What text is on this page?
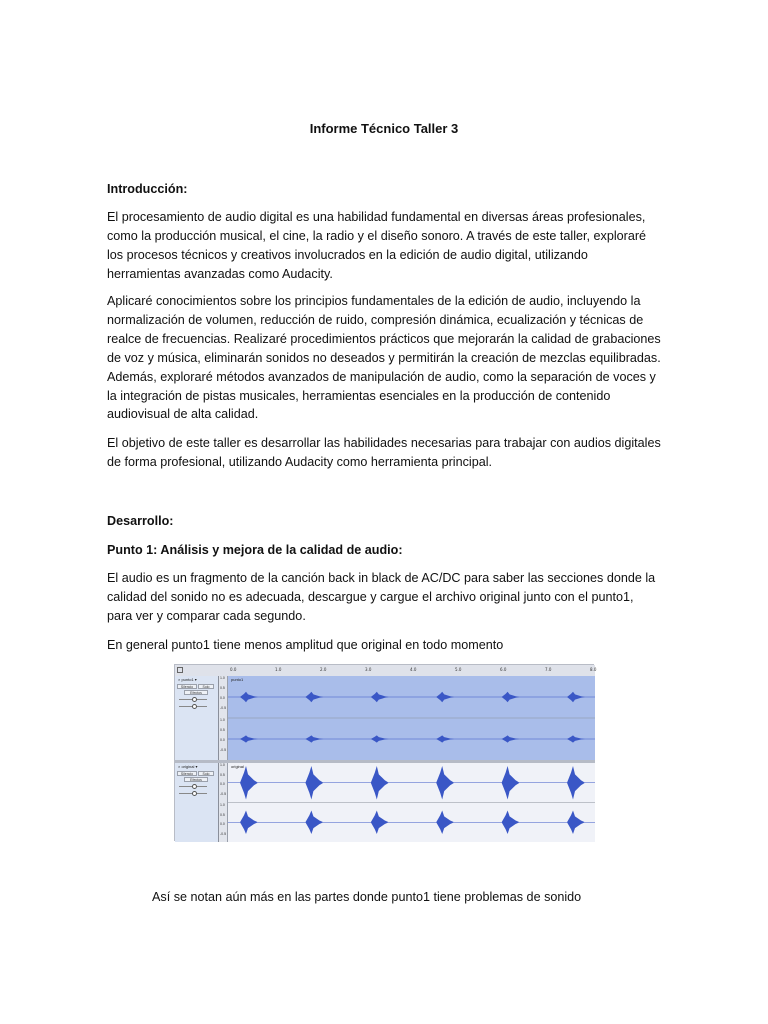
Informe Técnico Taller 3
Introducción:
El procesamiento de audio digital es una habilidad fundamental en diversas áreas profesionales, como la producción musical, el cine, la radio y el diseño sonoro. A través de este taller, exploraré los procesos técnicos y creativos involucrados en la edición de audio digital, utilizando herramientas avanzadas como Audacity.
Aplicaré conocimientos sobre los principios fundamentales de la edición de audio, incluyendo la normalización de volumen, reducción de ruido, compresión dinámica, ecualización y técnicas de realce de frecuencias. Realizaré procedimientos prácticos que mejorarán la calidad de grabaciones de voz y música, eliminarán sonidos no deseados y permitirán la creación de mezclas equilibradas. Además, exploraré métodos avanzados de manipulación de audio, como la separación de voces y la integración de pistas musicales, herramientas esenciales en la producción de contenido audiovisual de alta calidad.
El objetivo de este taller es desarrollar las habilidades necesarias para trabajar con audios digitales de forma profesional, utilizando Audacity como herramienta principal.
Desarrollo:
Punto 1: Análisis y mejora de la calidad de audio:
El audio es un fragmento de la canción back in black de AC/DC para saber las secciones donde la calidad del sonido no es adecuada, descargue y cargue el archivo original junto con el punto1, para ver y comparar cada segundo.
En general punto1 tiene menos amplitud que original en todo momento
0.0	1.0	2.0	3.0	4.0	5.0	6.0	7.0	8.0
× punto1 ▾
Silencio	Solo
Efectos
1.0
0.5
0.0
-0.5
1.0
0.5
0.0
-0.5
punto1
× original ▾
Silencio	Solo
Efectos
1.0
0.5
0.0
-0.5
1.0
0.5
0.0
-0.5
original
Así se notan aún más en las partes donde punto1 tiene problemas de sonido
